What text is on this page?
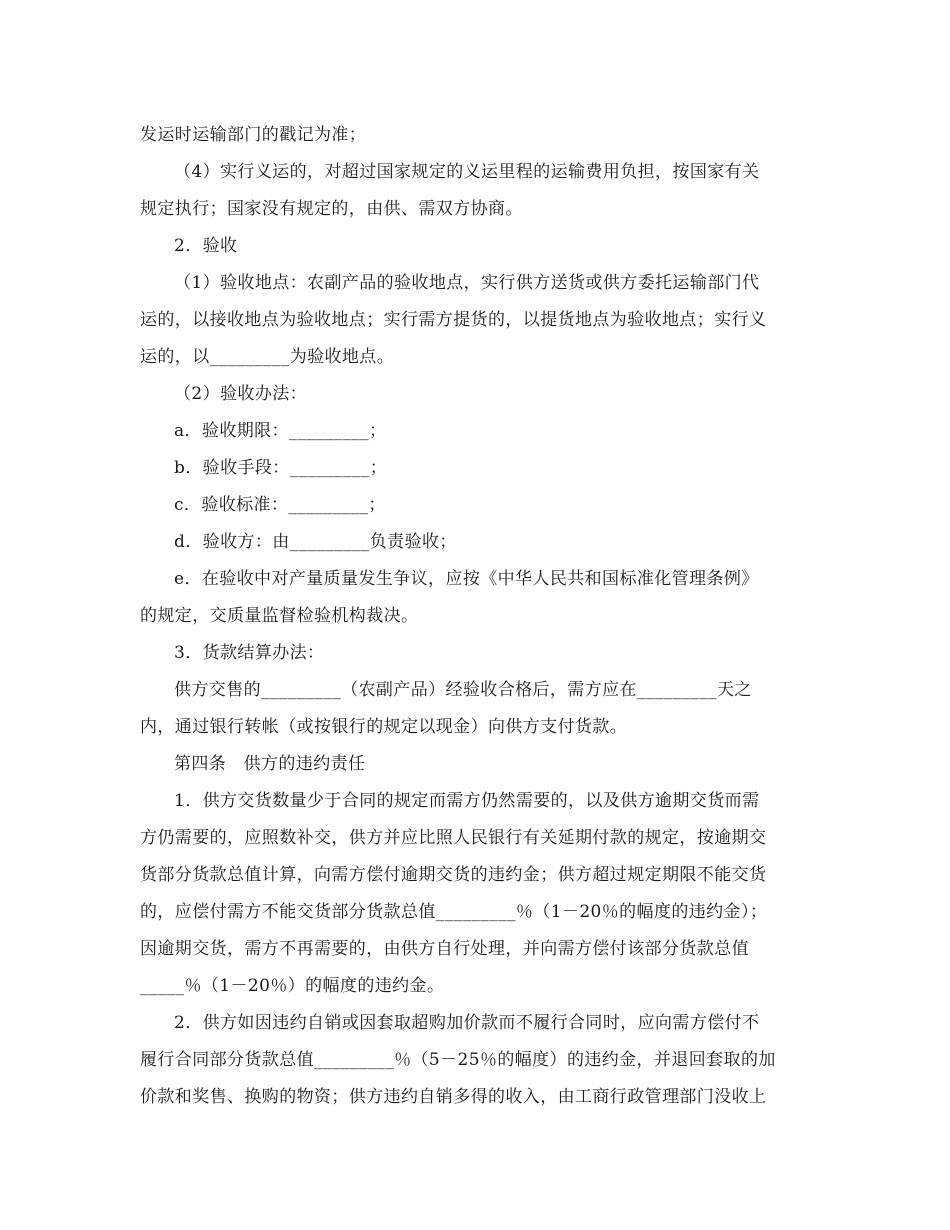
发运时运输部门的戳记为准；

（4）实行义运的，对超过国家规定的义运里程的运输费用负担，按国家有关

规定执行；国家没有规定的，由供、需双方协商。

2．验收

（1）验收地点：农副产品的验收地点，实行供方送货或供方委托运输部门代

运的，以接收地点为验收地点；实行需方提货的，以提货地点为验收地点；实行义

运的，以_________为验收地点。

（2）验收办法：

a．验收期限：_________；

b．验收手段：_________；

c．验收标准：_________；

d．验收方：由_________负责验收；

e．在验收中对产量质量发生争议，应按《中华人民共和国标准化管理条例》

的规定，交质量监督检验机构裁决。

3．货款结算办法：

供方交售的_________（农副产品）经验收合格后，需方应在_________天之

内，通过银行转帐（或按银行的规定以现金）向供方支付货款。

第四条　供方的违约责任

1．供方交货数量少于合同的规定而需方仍然需要的，以及供方逾期交货而需

方仍需要的，应照数补交，供方并应比照人民银行有关延期付款的规定，按逾期交

货部分货款总值计算，向需方偿付逾期交货的违约金；供方超过规定期限不能交货

的，应偿付需方不能交货部分货款总值_________％（1－20％的幅度的违约金）；

因逾期交货，需方不再需要的，由供方自行处理，并向需方偿付该部分货款总值

_____％（1－20％）的幅度的违约金。

2．供方如因违约自销或因套取超购加价款而不履行合同时，应向需方偿付不

履行合同部分货款总值_________％（5－25％的幅度）的违约金，并退回套取的加

价款和奖售、换购的物资；供方违约自销多得的收入，由工商行政管理部门没收上
